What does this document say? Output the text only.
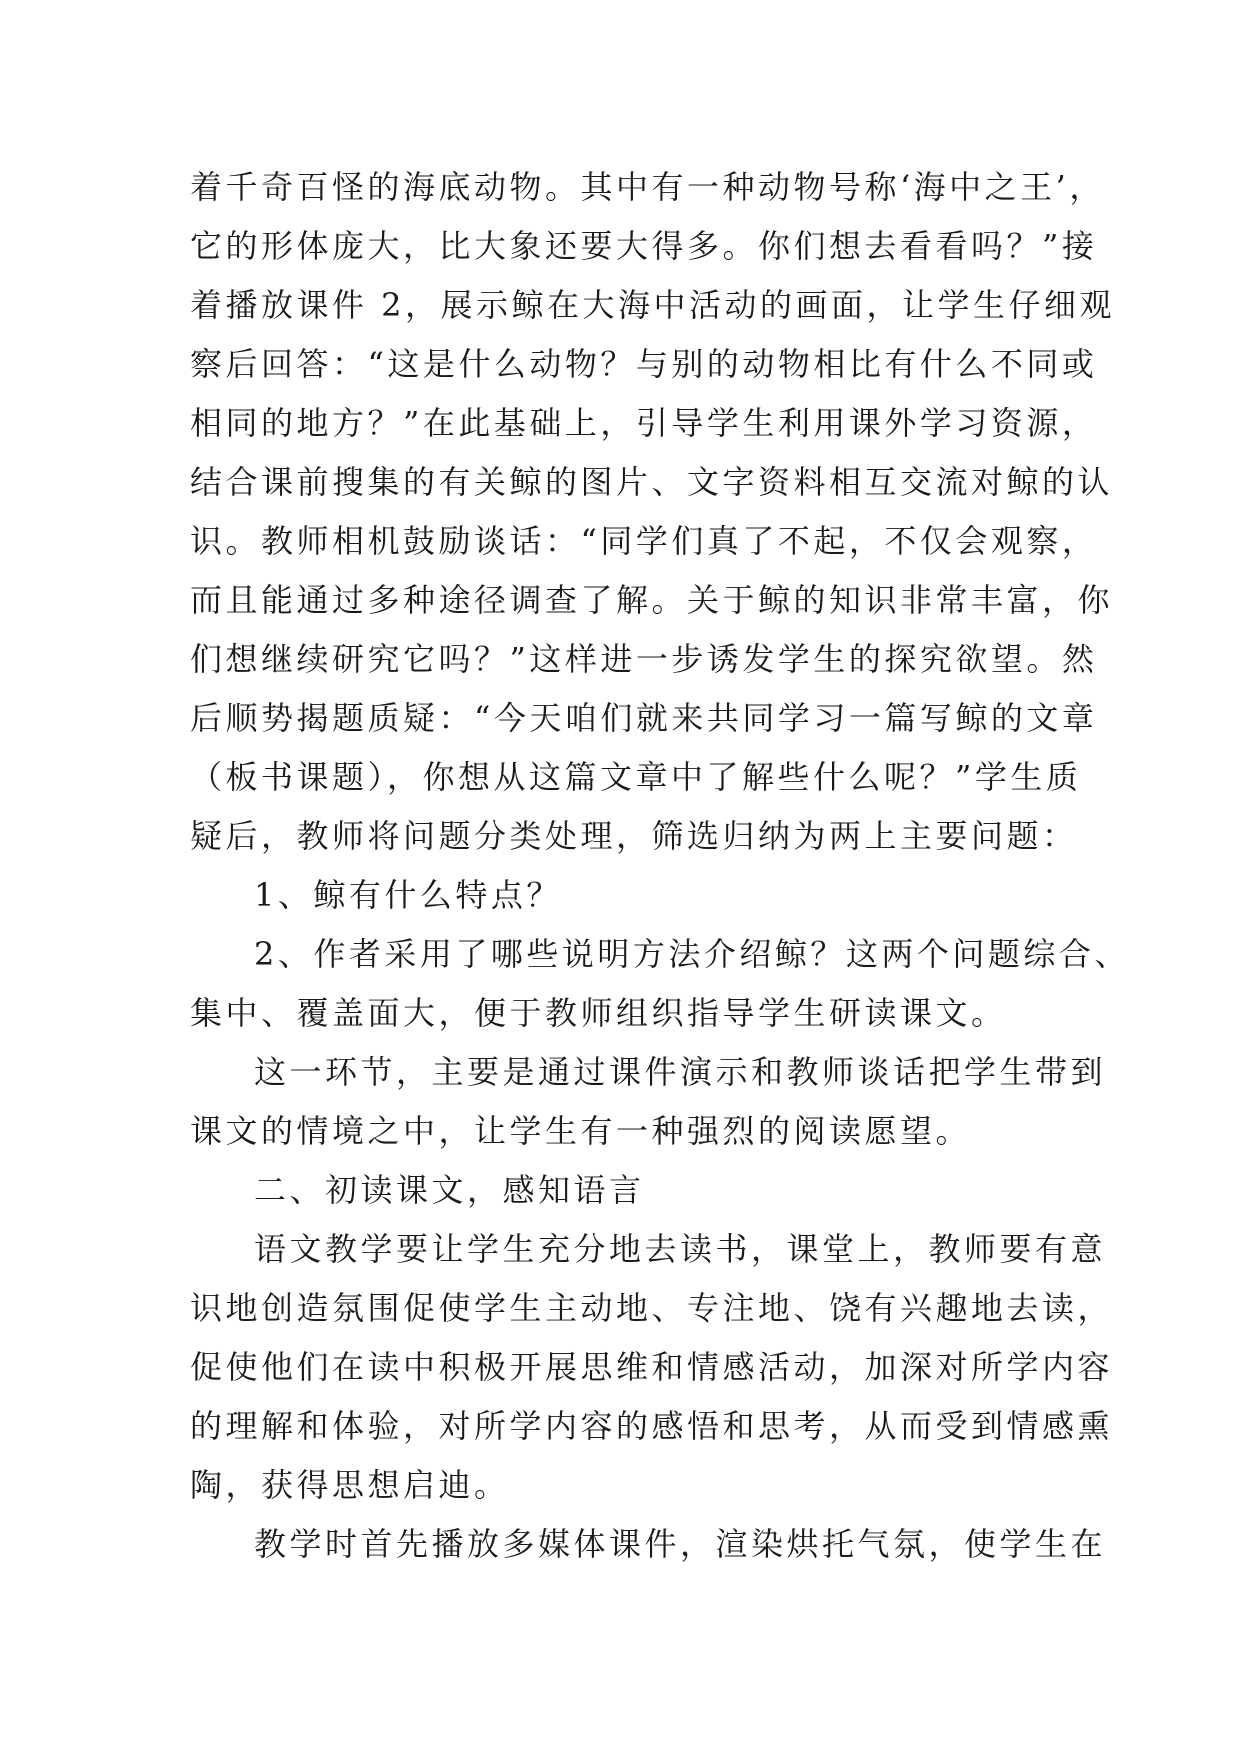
着千奇百怪的海底动物。其中有一种动物号称‘海中之王’，
它的形体庞大，比大象还要大得多。你们想去看看吗？”接
着播放课件 2，展示鲸在大海中活动的画面，让学生仔细观
察后回答：“这是什么动物？与别的动物相比有什么不同或
相同的地方？”在此基础上，引导学生利用课外学习资源，
结合课前搜集的有关鲸的图片、文字资料相互交流对鲸的认
识。教师相机鼓励谈话：“同学们真了不起，不仅会观察，
而且能通过多种途径调查了解。关于鲸的知识非常丰富，你
们想继续研究它吗？”这样进一步诱发学生的探究欲望。然
后顺势揭题质疑：“今天咱们就来共同学习一篇写鲸的文章
（板书课题），你想从这篇文章中了解些什么呢？”学生质
疑后，教师将问题分类处理，筛选归纳为两上主要问题：
1、鲸有什么特点？
2、作者采用了哪些说明方法介绍鲸？这两个问题综合、
集中、覆盖面大，便于教师组织指导学生研读课文。
这一环节，主要是通过课件演示和教师谈话把学生带到
课文的情境之中，让学生有一种强烈的阅读愿望。
二、初读课文，感知语言
语文教学要让学生充分地去读书，课堂上，教师要有意
识地创造氛围促使学生主动地、专注地、饶有兴趣地去读，
促使他们在读中积极开展思维和情感活动，加深对所学内容
的理解和体验，对所学内容的感悟和思考，从而受到情感熏
陶，获得思想启迪。
教学时首先播放多媒体课件，渲染烘托气氛，使学生在
